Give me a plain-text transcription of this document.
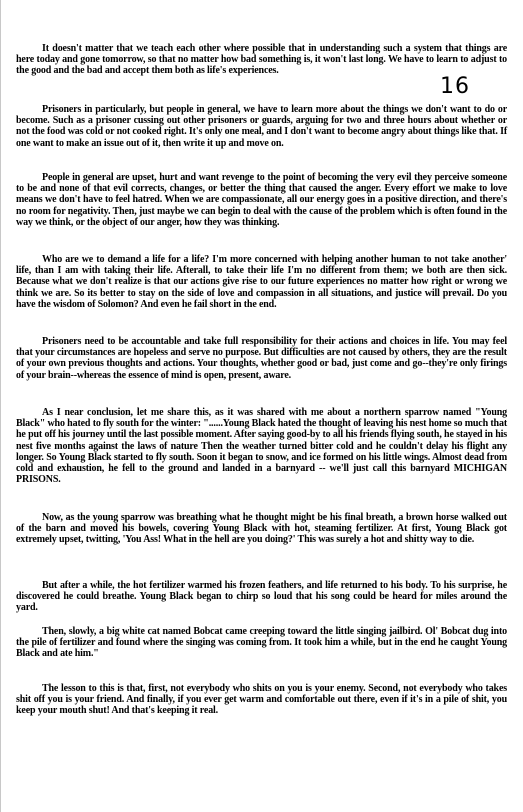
It doesn't matter that we teach each other where possible that in understanding such a system that things are here today and gone tomorrow, so that no matter how bad something is, it won't last long. We have to learn to adjust to the good and the bad and accept them both as life's experiences.

16

Prisoners in particularly, but people in general, we have to learn more about the things we don't want to do or become. Such as a prisoner cussing out other prisoners or guards, arguing for two and three hours about whether or not the food was cold or not cooked right. It's only one meal, and I don't want to become angry about things like that. If one want to make an issue out of it, then write it up and move on.

People in general are upset, hurt and want revenge to the point of becoming the very evil they perceive someone to be and none of that evil corrects, changes, or better the thing that caused the anger. Every effort we make to love means we don't have to feel hatred. When we are compassionate, all our energy goes in a positive direction, and there's no room for negativity. Then, just maybe we can begin to deal with the cause of the problem which is often found in the way we think, or the object of our anger, how they was thinking.

Who are we to demand a life for a life? I'm more concerned with helping another human to not take another' life, than I am with taking their life. Afterall, to take their life I'm no different from them; we both are then sick. Because what we don't realize is that our actions give rise to our future experiences no matter how right or wrong we think we are. So its better to stay on the side of love and compassion in all situations, and justice will prevail. Do you have the wisdom of Solomon? And even he fail short in the end.

Prisoners need to be accountable and take full responsibility for their actions and choices in life. You may feel that your circumstances are hopeless and serve no purpose. But difficulties are not caused by others, they are the result of your own previous thoughts and actions. Your thoughts, whether good or bad, just come and go--they're only firings of your brain--whereas the essence of mind is open, present, aware.

As I near conclusion, let me share this, as it was shared with me about a northern sparrow named "Young Black" who hated to fly south for the winter: "......Young Black hated the thought of leaving his nest home so much that he put off his journey until the last possible moment. After saying good-by to all his friends flying south, he stayed in his nest five months against the laws of nature Then the weather turned bitter cold and he couldn't delay his flight any longer. So Young Black started to fly south. Soon it began to snow, and ice formed on his little wings. Almost dead from cold and exhaustion, he fell to the ground and landed in a barnyard -- we'll just call this barnyard MICHIGAN PRISONS.

Now, as the young sparrow was breathing what he thought might be his final breath, a brown horse walked out of the barn and moved his bowels, covering Young Black with hot, steaming fertilizer. At first, Young Black got extremely upset, twitting, 'You Ass! What in the hell are you doing?' This was surely a hot and shitty way to die.

But after a while, the hot fertilizer warmed his frozen feathers, and life returned to his body. To his surprise, he discovered he could breathe. Young Black began to chirp so loud that his song could be heard for miles around the yard.

Then, slowly, a big white cat named Bobcat came creeping toward the little singing jailbird. Ol' Bobcat dug into the pile of fertilizer and found where the singing was coming from. It took him a while, but in the end he caught Young Black and ate him."

The lesson to this is that, first, not everybody who shits on you is your enemy. Second, not everybody who takes shit off you is your friend. And finally, if you ever get warm and comfortable out there, even if it's in a pile of shit, you keep your mouth shut! And that's keeping it real.
